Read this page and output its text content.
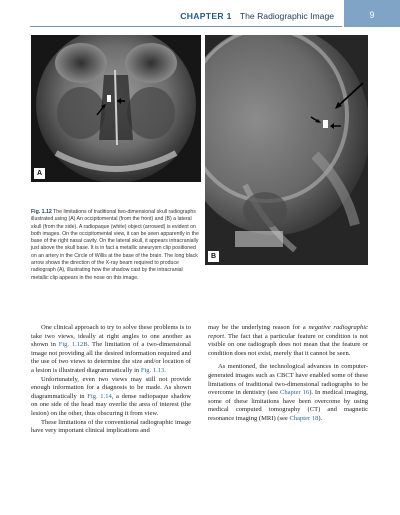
CHAPTER 1 The Radiographic Image	9
A
B
Fig. 1.12 The limitations of traditional two-dimensional skull radiographs illustrated using (A) An occipitomental (from the front) and (B) a lateral skull (from the side). A radiopaque (white) object (arrowed) is evident on both images. On the occipitomental view, it can be seen apparently in the base of the right nasal cavity. On the lateral skull, it appears intracranially just above the skull base. It is in fact a metallic aneurysm clip positioned on an artery in the Circle of Willis at the base of the brain. The long black arrow shows the direction of the X-ray beam required to produce radiograph (A), illustrating how the shadow cast by the intracranial metallic clip appears in the nose on this image.

One clinical approach to try to solve these problems is to take two views, ideally at right angles to one another as shown in Fig. 1.12B. The limitation of a two-dimensional image not providing all the desired information required and the use of two views to determine the size and/or location of a lesion is illustrated diagrammatically in Fig. 1.13.

Unfortunately, even two views may still not provide enough information for a diagnosis to be made. As shown diagrammatically in Fig. 1.14, a dense radiopaque shadow on one side of the head may overlie the area of interest (the lesion) on the other, thus obscuring it from view.

These limitations of the conventional radiographic image have very important clinical implications and

may be the underlying reason for a negative radiographic report. The fact that a particular feature or condition is not visible on one radiograph does not mean that the feature or condition does not exist, merely that it cannot be seen.

As mentioned, the technological advances in computer-generated images such as CBCT have enabled some of these limitations of traditional two-dimensional radiographs to be overcome in dentistry (see Chapter 16). In medical imaging, some of these limitations have been overcome by using medical computed tomography (CT) and magnetic resonance imaging (MRI) (see Chapter 18).
